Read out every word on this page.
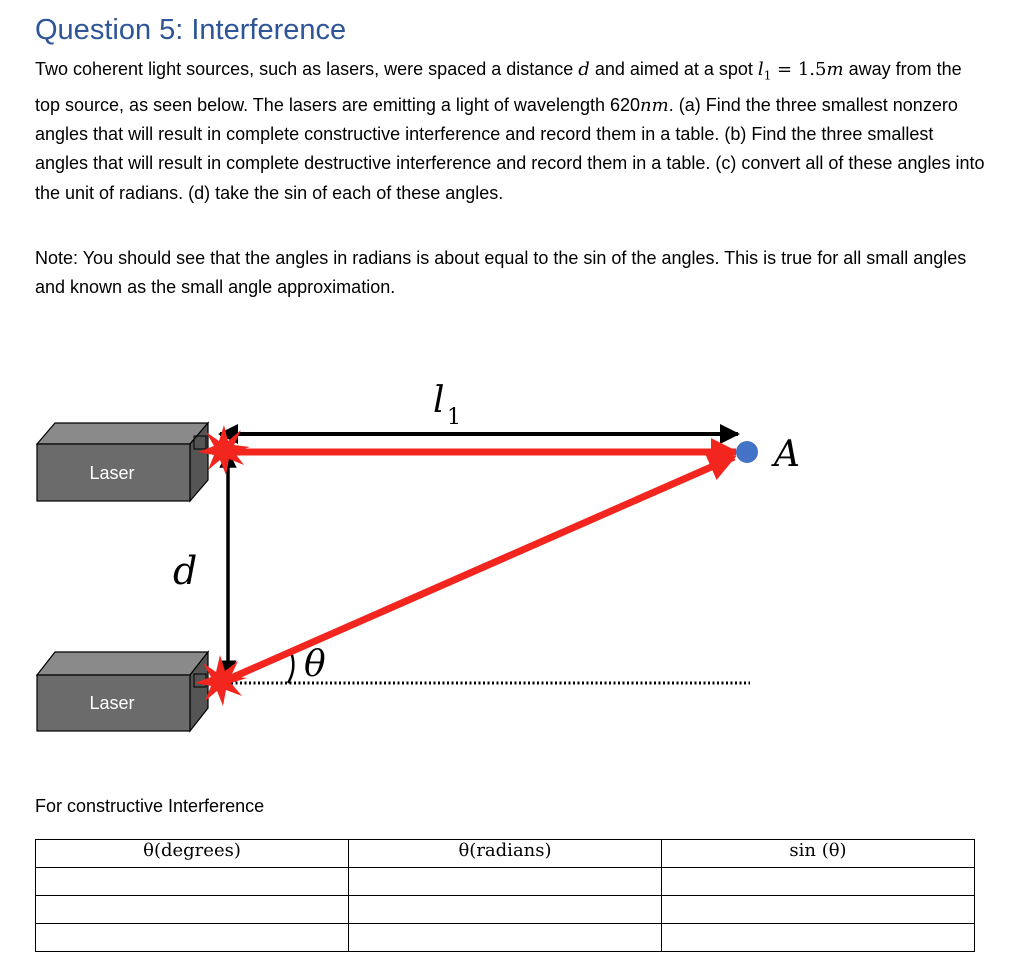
Question 5: Interference

Two coherent light sources, such as lasers, were spaced a distance d and aimed at a spot $l_1 = 1.5m$ away from the top source, as seen below. The lasers are emitting a light of wavelength 620nm. (a) Find the three smallest nonzero angles that will result in complete constructive interference and record them in a table. (b) Find the three smallest angles that will result in complete destructive interference and record them in a table. (c) convert all of these angles into the unit of radians. (d) take the sin of each of these angles.

Note: You should see that the angles in radians is about equal to the sin of the angles. This is true for all small angles and known as the small angle approximation.

Laser
Laser
A
d
l 1
θ

For constructive Interference

θ(degrees)	θ(radians)	sin (θ)
